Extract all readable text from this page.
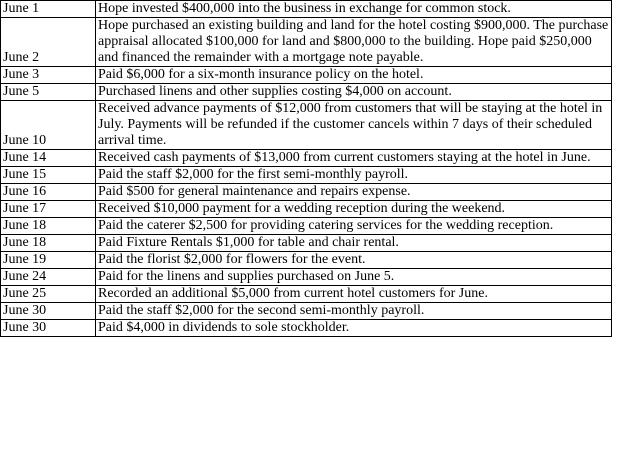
June 1	Hope invested $400,000 into the business in exchange for common stock.
June 2	Hope purchased an existing building and land for the hotel costing $900,000. The purchase appraisal allocated $100,000 for land and $800,000 to the building. Hope paid $250,000 and financed the remainder with a mortgage note payable.
June 3	Paid $6,000 for a six-month insurance policy on the hotel.
June 5	Purchased linens and other supplies costing $4,000 on account.
June 10	Received advance payments of $12,000 from customers that will be staying at the hotel in July. Payments will be refunded if the customer cancels within 7 days of their scheduled arrival time.
June 14	Received cash payments of $13,000 from current customers staying at the hotel in June.
June 15	Paid the staff $2,000 for the first semi-monthly payroll.
June 16	Paid $500 for general maintenance and repairs expense.
June 17	Received $10,000 payment for a wedding reception during the weekend.
June 18	Paid the caterer $2,500 for providing catering services for the wedding reception.
June 18	Paid Fixture Rentals $1,000 for table and chair rental.
June 19	Paid the florist $2,000 for flowers for the event.
June 24	Paid for the linens and supplies purchased on June 5.
June 25	Recorded an additional $5,000 from current hotel customers for June.
June 30	Paid the staff $2,000 for the second semi-monthly payroll.
June 30	Paid $4,000 in dividends to sole stockholder.
